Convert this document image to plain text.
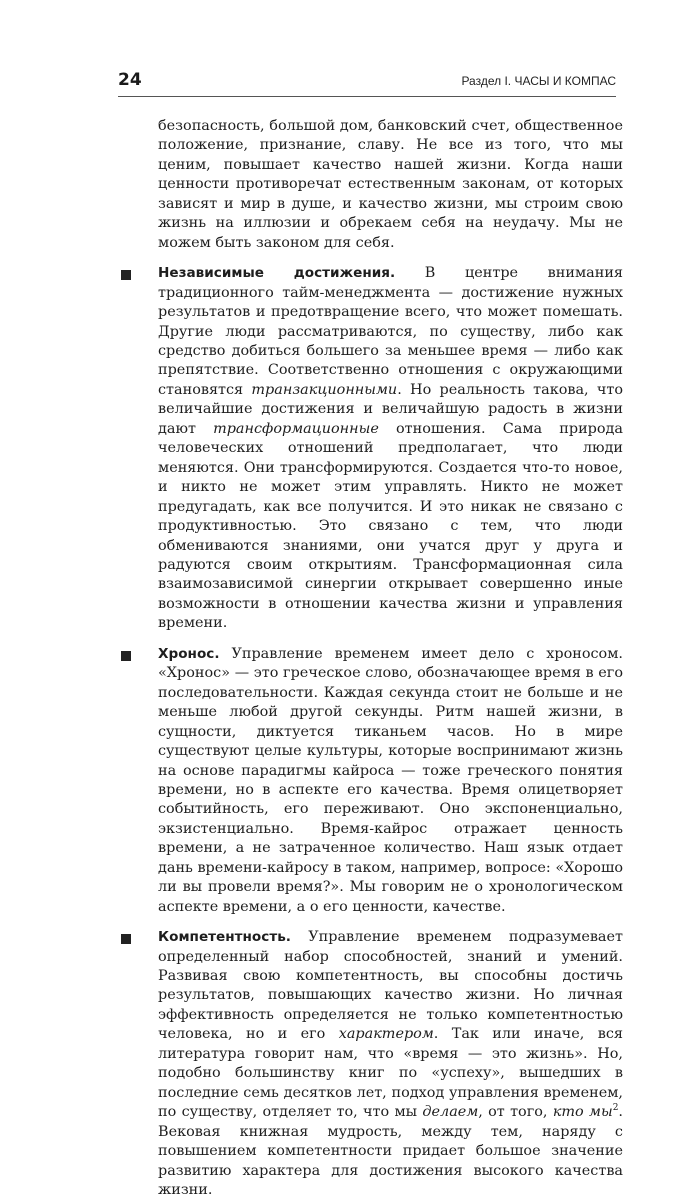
24	Раздел I. ЧАСЫ И КОМПАС

безопасность, большой дом, банковский счет, общественное положение, признание, славу. Не все из того, что мы ценим, повышает качество нашей жизни. Когда наши ценности противоречат естественным законам, от которых зависят и мир в душе, и качество жизни, мы строим свою жизнь на иллюзии и обрекаем себя на неудачу. Мы не можем быть законом для себя.

Независимые достижения. В центре внимания традиционного тайм-менеджмента — достижение нужных результатов и предотвращение всего, что может помешать. Другие люди рассматриваются, по существу, либо как средство добиться большего за меньшее время — либо как препятствие. Соответственно отношения с окружающими становятся транзакционными. Но реальность такова, что величайшие достижения и величайшую радость в жизни дают трансформационные отношения. Сама природа человеческих отношений предполагает, что люди меняются. Они трансформируются. Создается что-то новое, и никто не может этим управлять. Никто не может предугадать, как все получится. И это никак не связано с продуктивностью. Это связано с тем, что люди обмениваются знаниями, они учатся друг у друга и радуются своим открытиям. Трансформационная сила взаимозависимой синергии открывает совершенно иные возможности в отношении качества жизни и управления времени.

Хронос. Управление временем имеет дело с хроносом. «Хронос» — это греческое слово, обозначающее время в его последовательности. Каждая секунда стоит не больше и не меньше любой другой секунды. Ритм нашей жизни, в сущности, диктуется тиканьем часов. Но в мире существуют целые культуры, которые воспринимают жизнь на основе парадигмы кайроса — тоже греческого понятия времени, но в аспекте его качества. Время олицетворяет событийность, его переживают. Оно экспоненциально, экзистенциально. Время-кайрос отражает ценность времени, а не затраченное количество. Наш язык отдает дань времени-кайросу в таком, например, вопросе: «Хорошо ли вы провели время?». Мы говорим не о хронологическом аспекте времени, а о его ценности, качестве.

Компетентность. Управление временем подразумевает определенный набор способностей, знаний и умений. Развивая свою компетентность, вы способны достичь результатов, повышающих качество жизни. Но личная эффективность определяется не только компетентностью человека, но и его характером. Так или иначе, вся литература говорит нам, что «время — это жизнь». Но, подобно большинству книг по «успеху», вышедших в последние семь десятков лет, подход управления временем, по существу, отделяет то, что мы делаем, от того, кто $мы^2$. Вековая книжная мудрость, между тем, наряду с повышением компетентности придает большое значение развитию характера для достижения высокого качества жизни.
